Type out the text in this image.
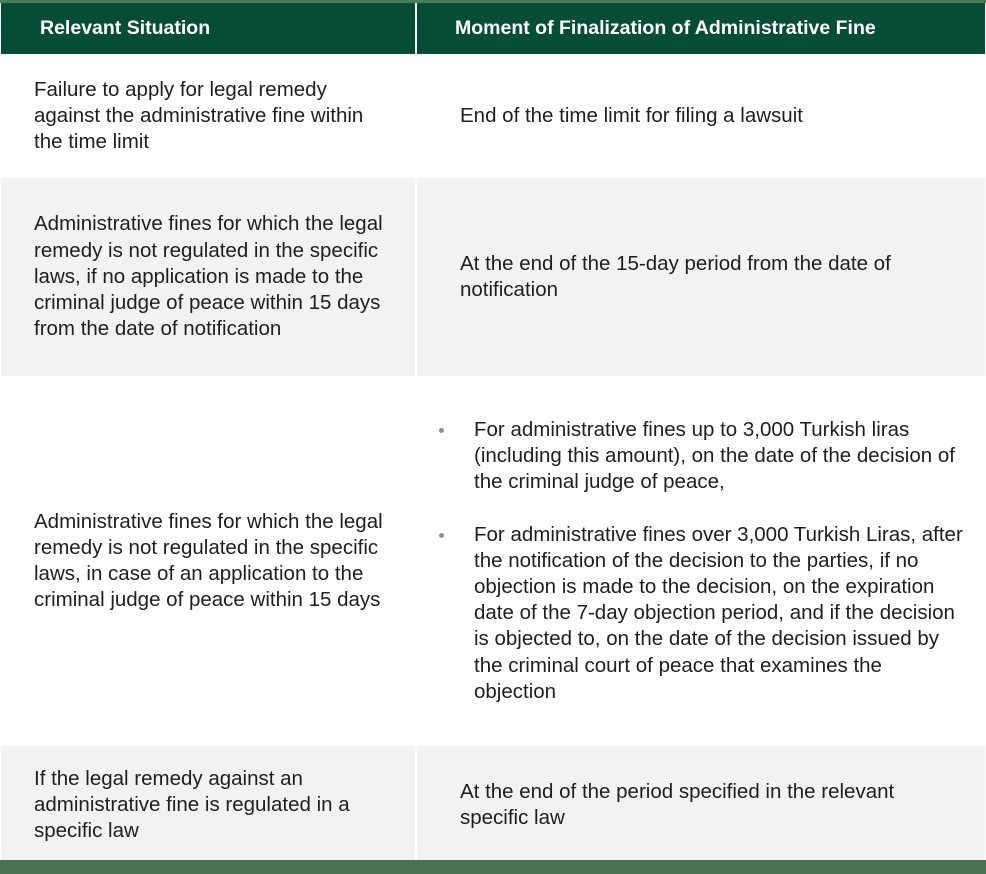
Relevant Situation	Moment of Finalization of Administrative Fine
Failure to apply for legal remedy against the administrative fine within the time limit
End of the time limit for filing a lawsuit
Administrative fines for which the legal remedy is not regulated in the specific laws, if no application is made to the criminal judge of peace within 15 days from the date of notification
At the end of the 15-day period from the date of notification
Administrative fines for which the legal remedy is not regulated in the specific laws, in case of an application to the criminal judge of peace within 15 days
For administrative fines up to 3,000 Turkish liras (including this amount), on the date of the decision of the criminal judge of peace,
For administrative fines over 3,000 Turkish Liras, after the notification of the decision to the parties, if no objection is made to the decision, on the expiration date of the 7-day objection period, and if the decision is objected to, on the date of the decision issued by the criminal court of peace that examines the objection
If the legal remedy against an administrative fine is regulated in a specific law
At the end of the period specified in the relevant specific law
